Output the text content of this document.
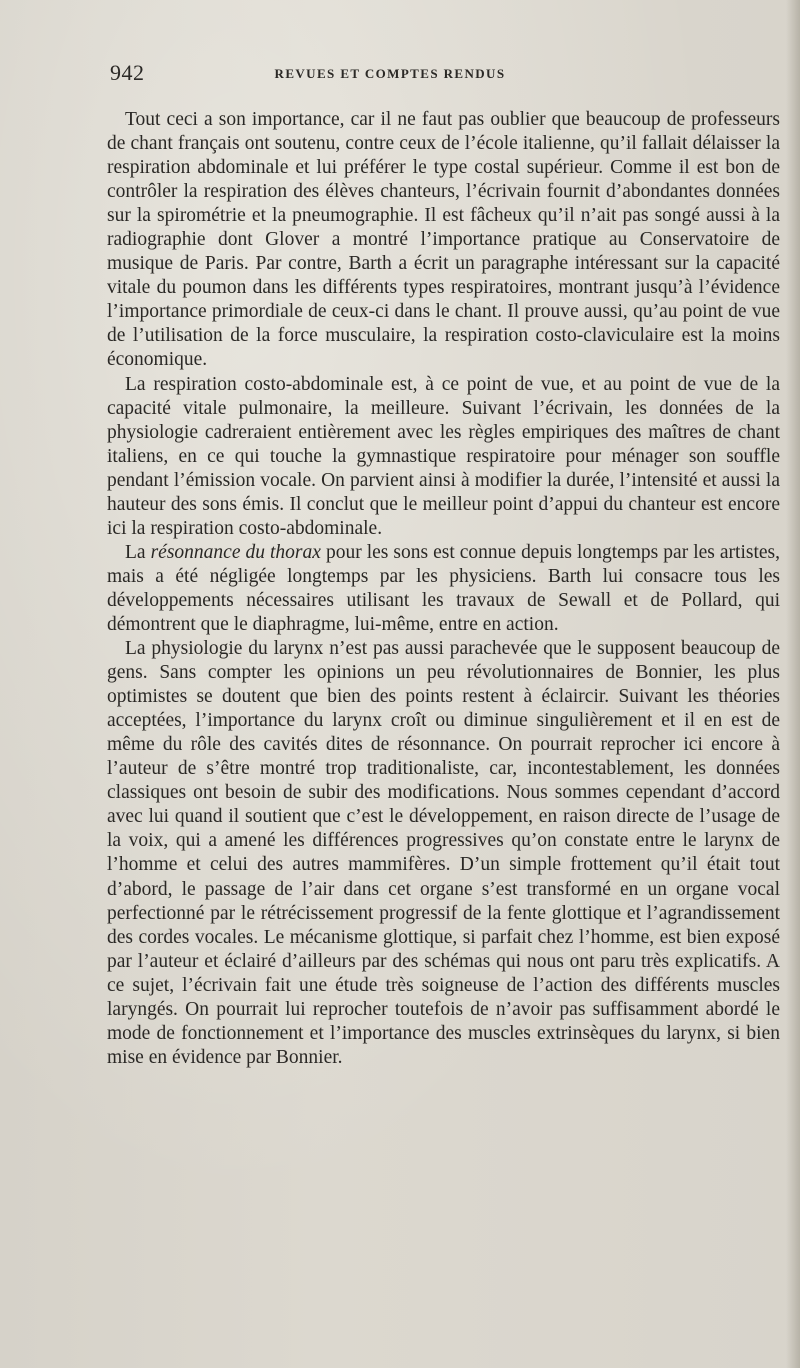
942	REVUES ET COMPTES RENDUS

Tout ceci a son importance, car il ne faut pas oublier que beaucoup de professeurs de chant français ont soutenu, contre ceux de l’école italienne, qu’il fallait délaisser la respiration abdominale et lui préférer le type costal supérieur. Comme il est bon de contrôler la respiration des élèves chanteurs, l’écrivain fournit d’abondantes données sur la spirométrie et la pneumographie. Il est fâcheux qu’il n’ait pas songé aussi à la radiographie dont Glover a montré l’importance pratique au Conservatoire de musique de Paris. Par contre, Barth a écrit un paragraphe intéressant sur la capacité vitale du poumon dans les différents types respiratoires, montrant jusqu’à l’évidence l’importance primordiale de ceux-ci dans le chant. Il prouve aussi, qu’au point de vue de l’utilisation de la force musculaire, la respiration costo-claviculaire est la moins économique.

La respiration costo-abdominale est, à ce point de vue, et au point de vue de la capacité vitale pulmonaire, la meilleure. Suivant l’écrivain, les données de la physiologie cadreraient entièrement avec les règles empiriques des maîtres de chant italiens, en ce qui touche la gymnastique respiratoire pour ménager son souffle pendant l’émission vocale. On parvient ainsi à modifier la durée, l’intensité et aussi la hauteur des sons émis. Il conclut que le meilleur point d’appui du chanteur est encore ici la respiration costo-abdominale.

La résonnance du thorax pour les sons est connue depuis longtemps par les artistes, mais a été négligée longtemps par les physiciens. Barth lui consacre tous les développements nécessaires utilisant les travaux de Sewall et de Pollard, qui démontrent que le diaphragme, lui-même, entre en action.

La physiologie du larynx n’est pas aussi parachevée que le supposent beaucoup de gens. Sans compter les opinions un peu révolutionnaires de Bonnier, les plus optimistes se doutent que bien des points restent à éclaircir. Suivant les théories acceptées, l’importance du larynx croît ou diminue singulièrement et il en est de même du rôle des cavités dites de résonnance. On pourrait reprocher ici encore à l’auteur de s’être montré trop traditionaliste, car, incontestablement, les données classiques ont besoin de subir des modifications. Nous sommes cependant d’accord avec lui quand il soutient que c’est le développement, en raison directe de l’usage de la voix, qui a amené les différences progressives qu’on constate entre le larynx de l’homme et celui des autres mammifères. D’un simple frottement qu’il était tout d’abord, le passage de l’air dans cet organe s’est transformé en un organe vocal perfectionné par le rétrécissement progressif de la fente glottique et l’agrandissement des cordes vocales. Le mécanisme glottique, si parfait chez l’homme, est bien exposé par l’auteur et éclairé d’ailleurs par des schémas qui nous ont paru très explicatifs. A ce sujet, l’écrivain fait une étude très soigneuse de l’action des différents muscles laryngés. On pourrait lui reprocher toutefois de n’avoir pas suffisamment abordé le mode de fonctionnement et l’importance des muscles extrinsèques du larynx, si bien mise en évidence par Bonnier.
